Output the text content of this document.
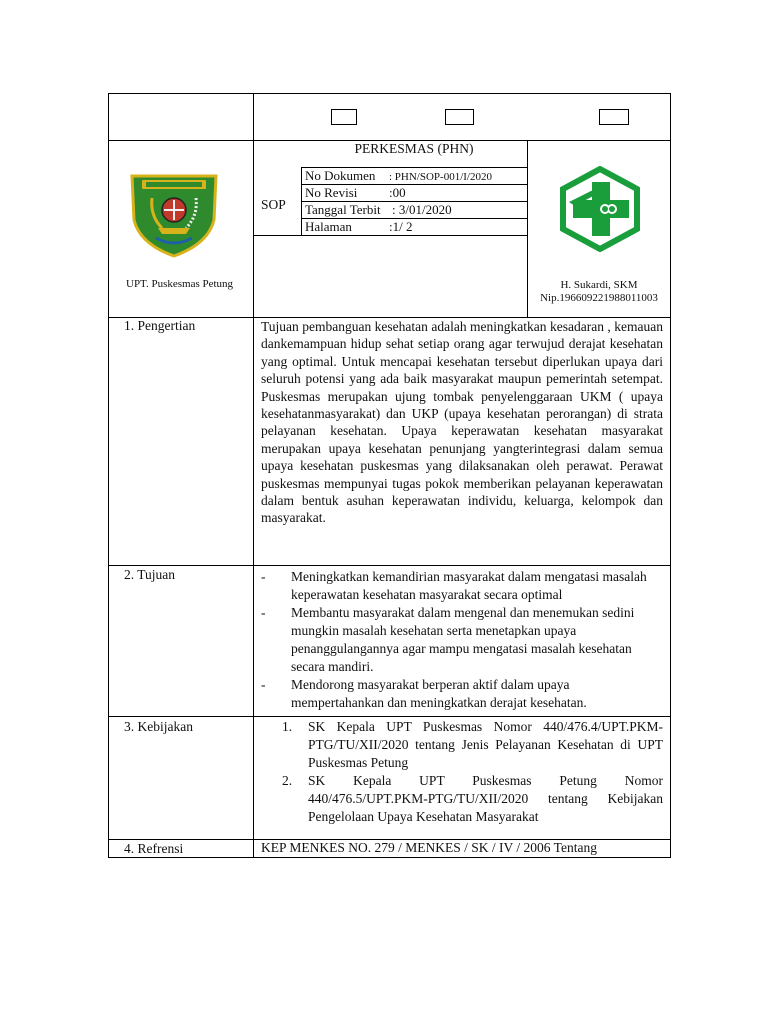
PERKESMAS (PHN)
SOP
No Dokumen : PHN/SOP-001/I/2020
No Revisi :00
Tanggal Terbit : 3/01/2020
Halaman	:1/ 2
UPT. Puskesmas Petung	H. Sukardi, SKM
Nip.196609221988011003
1. Pengertian	Tujuan pembanguan kesehatan adalah meningkatkan kesadaran , kemauan dankemampuan hidup sehat setiap orang agar terwujud derajat kesehatan yang optimal. Untuk mencapai kesehatan tersebut diperlukan upaya dari seluruh potensi yang ada baik masyarakat maupun pemerintah setempat. Puskesmas merupakan ujung tombak penyelenggaraan UKM ( upaya kesehatanmasyarakat) dan UKP (upaya kesehatan perorangan) di strata pelayanan kesehatan. Upaya keperawatan kesehatan masyarakat merupakan upaya kesehatan penunjang yangterintegrasi dalam semua upaya kesehatan puskesmas yang dilaksanakan oleh perawat. Perawat puskesmas mempunyai tugas pokok memberikan pelayanan keperawatan dalam bentuk asuhan keperawatan individu, keluarga, kelompok dan masyarakat.
2. Tujuan	- Meningkatkan kemandirian masyarakat dalam mengatasi masalah keperawatan kesehatan masyarakat secara optimal
- Membantu masyarakat dalam mengenal dan menemukan sedini mungkin masalah kesehatan serta menetapkan upaya penanggulangannya agar mampu mengatasi masalah kesehatan secara mandiri.
- Mendorong masyarakat berperan aktif dalam upaya mempertahankan dan meningkatkan derajat kesehatan.
3. Kebijakan	1. SK Kepala UPT Puskesmas Nomor 440/476.4/UPT.PKM-PTG/TU/XII/2020 tentang Jenis Pelayanan Kesehatan di UPT Puskesmas Petung
2. SK Kepala UPT Puskesmas Petung Nomor 440/476.5/UPT.PKM-PTG/TU/XII/2020 tentang Kebijakan Pengelolaan Upaya Kesehatan Masyarakat
4. Refrensi	KEP MENKES NO. 279 / MENKES / SK / IV / 2006 Tentang
